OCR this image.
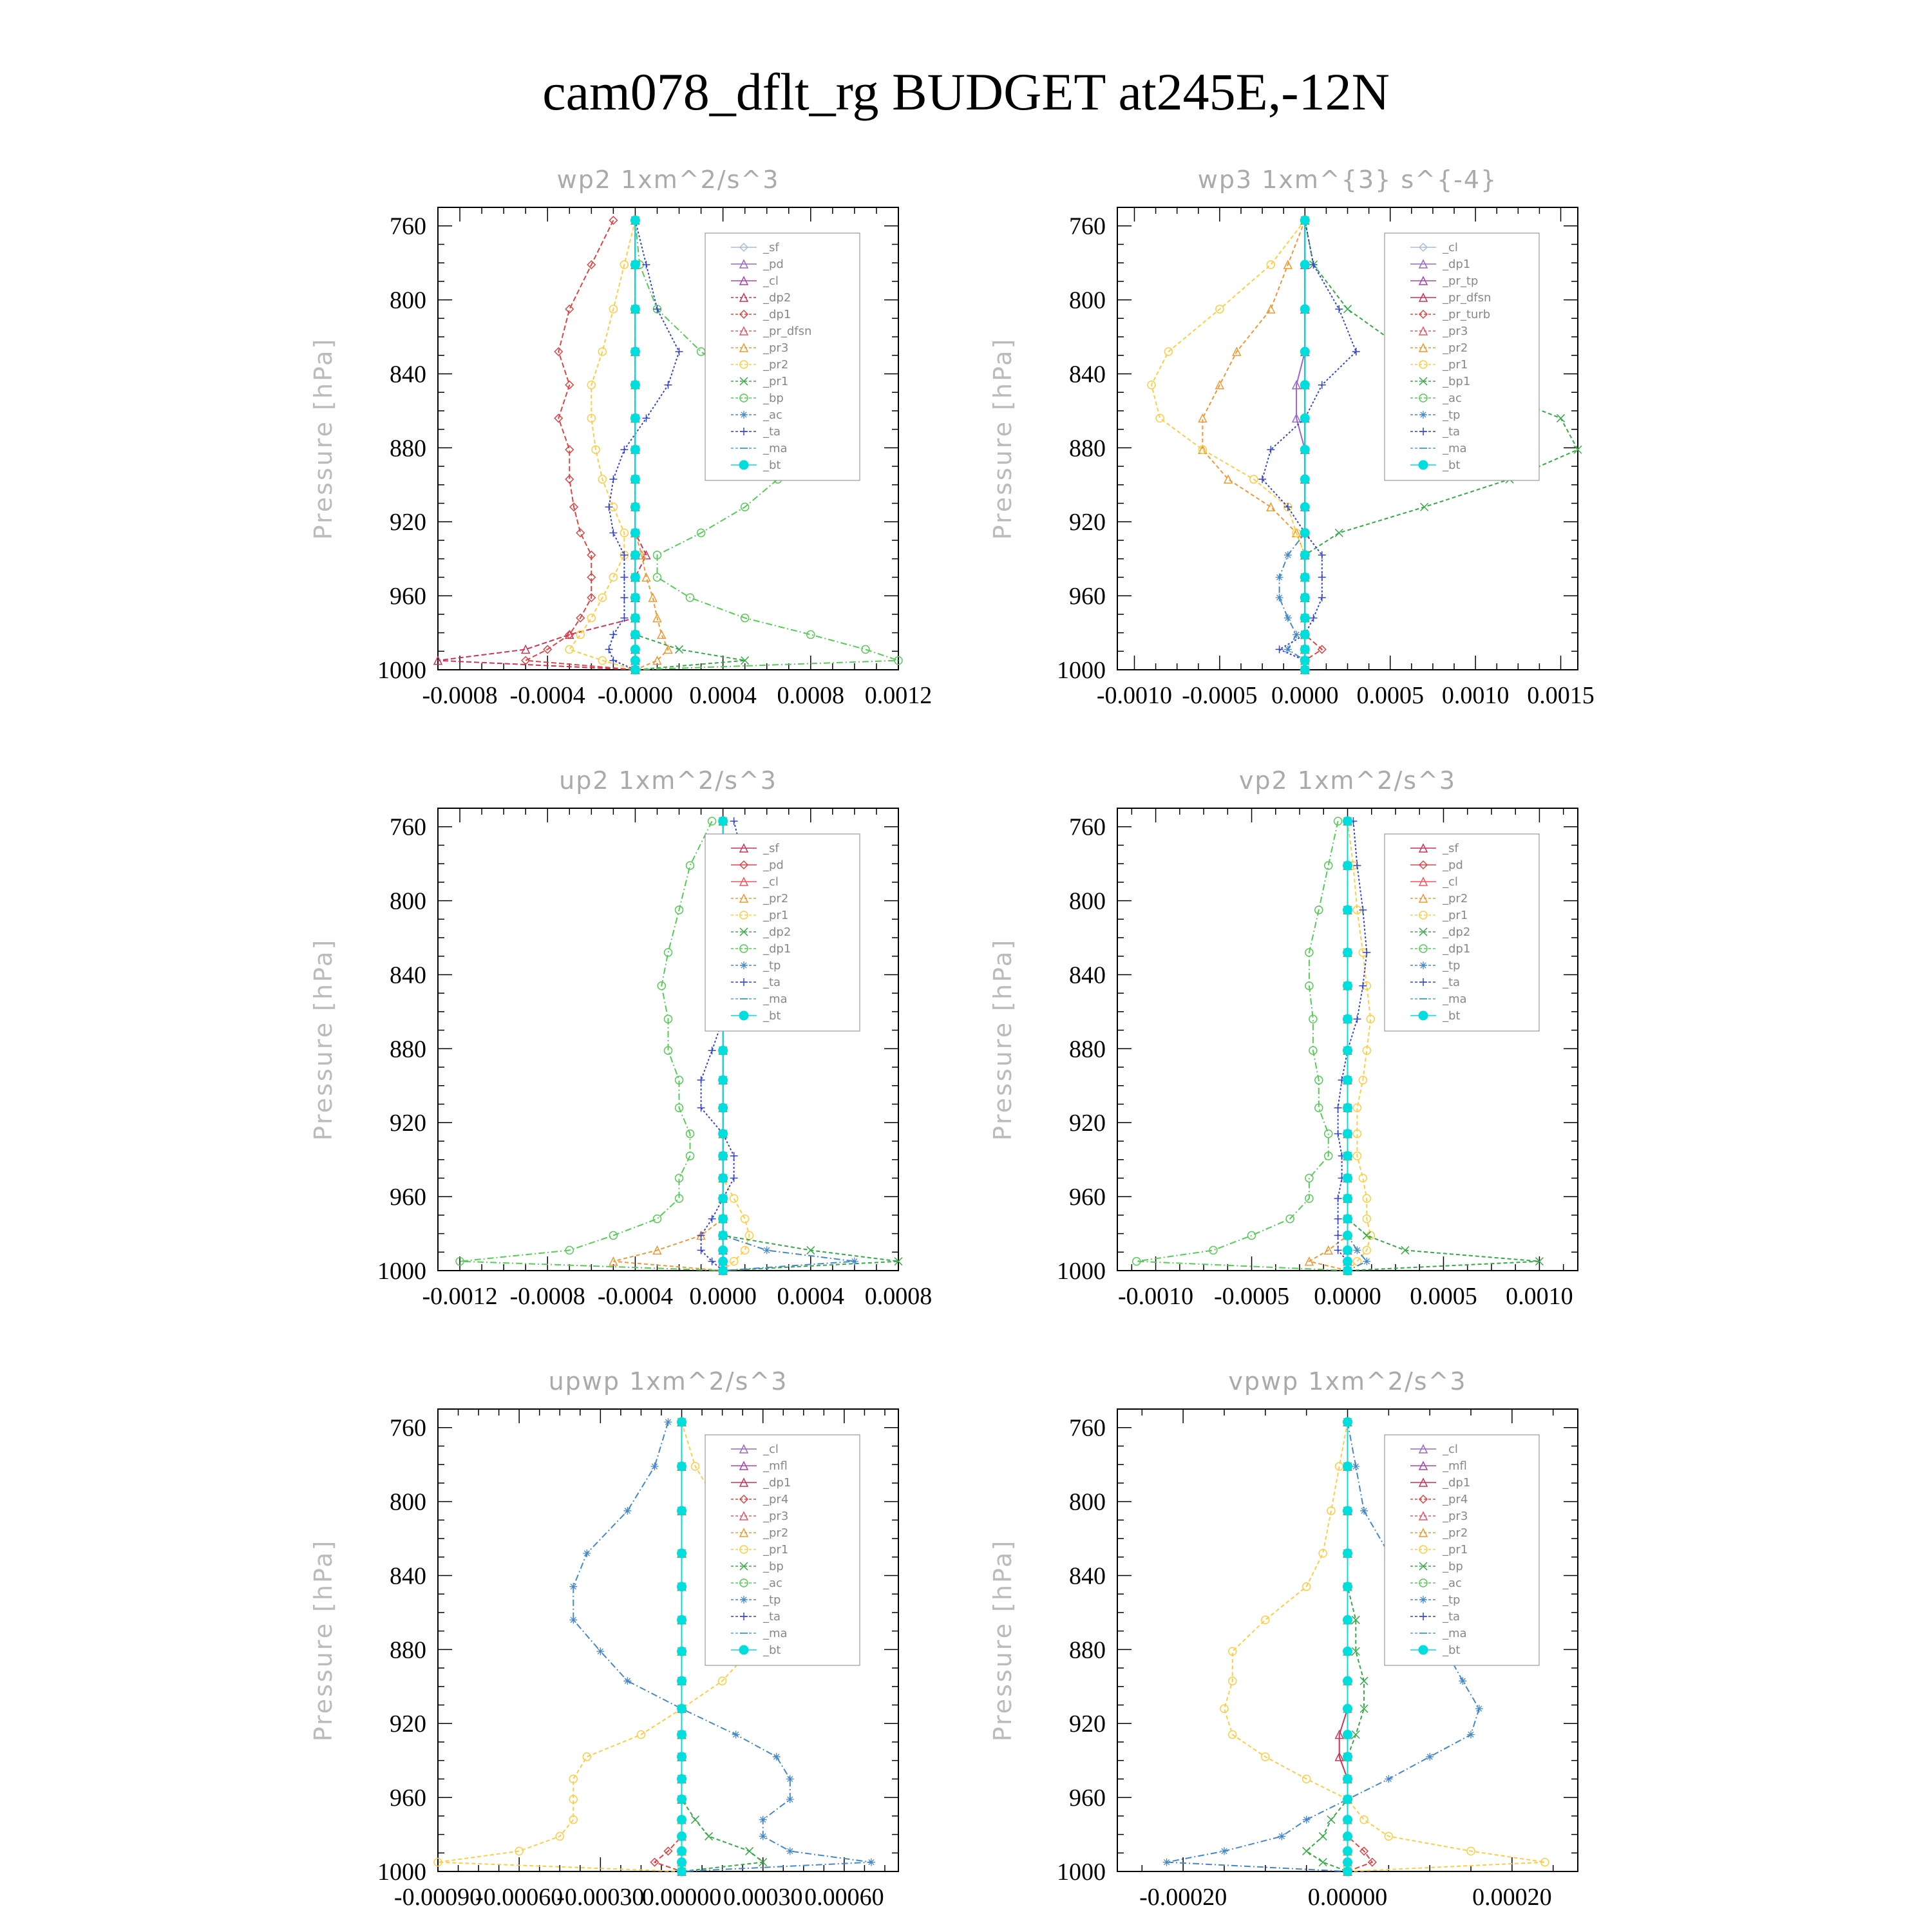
cam078_dflt_rg BUDGET at245E,-12N
wp2 1xm^2/s^3
Pressure [hPa]
760
800
840
880
920
960
1000
-0.0008 -0.0004 -0.0000 0.0004 0.0008 0.0012
_sf
_pd
_cl
_dp2
_dp1
_pr_dfsn
_pr3
_pr2
_pr1
_bp
_ac
_ta
_ma
_bt
wp3 1xm^{3} s^{-4}
Pressure [hPa]
760
800
840
880
920
960
1000
-0.0010 -0.0005 0.0000 0.0005 0.0010 0.0015
_cl
_dp1
_pr_tp
_pr_dfsn
_pr_turb
_pr3
_pr2
_pr1
_bp1
_ac
_tp
_ta
_ma
_bt
up2 1xm^2/s^3
Pressure [hPa]
760
800
840
880
920
960
1000
-0.0012 -0.0008 -0.0004 0.0000 0.0004 0.0008
_sf
_pd
_cl
_pr2
_pr1
_dp2
_dp1
_tp
_ta
_ma
_bt
vp2 1xm^2/s^3
Pressure [hPa]
760
800
840
880
920
960
1000
-0.0010 -0.0005 0.0000 0.0005 0.0010
_sf
_pd
_cl
_pr2
_pr1
_dp2
_dp1
_tp
_ta
_ma
_bt
upwp 1xm^2/s^3
Pressure [hPa]
760
800
840
880
920
960
1000
-0.00090
-0.00060
-0.00030
0.00000 0.00030 0.00060
_cl
_mfl
_dp1
_pr4
_pr3
_pr2
_pr1
_bp
_ac
_tp
_ta
_ma
_bt
vpwp 1xm^2/s^3
Pressure [hPa]
760
800
840
880
920
960
1000
-0.00020	0.00000	0.00020
_cl
_mfl
_dp1
_pr4
_pr3
_pr2
_pr1
_bp
_ac
_tp
_ta
_ma
_bt
